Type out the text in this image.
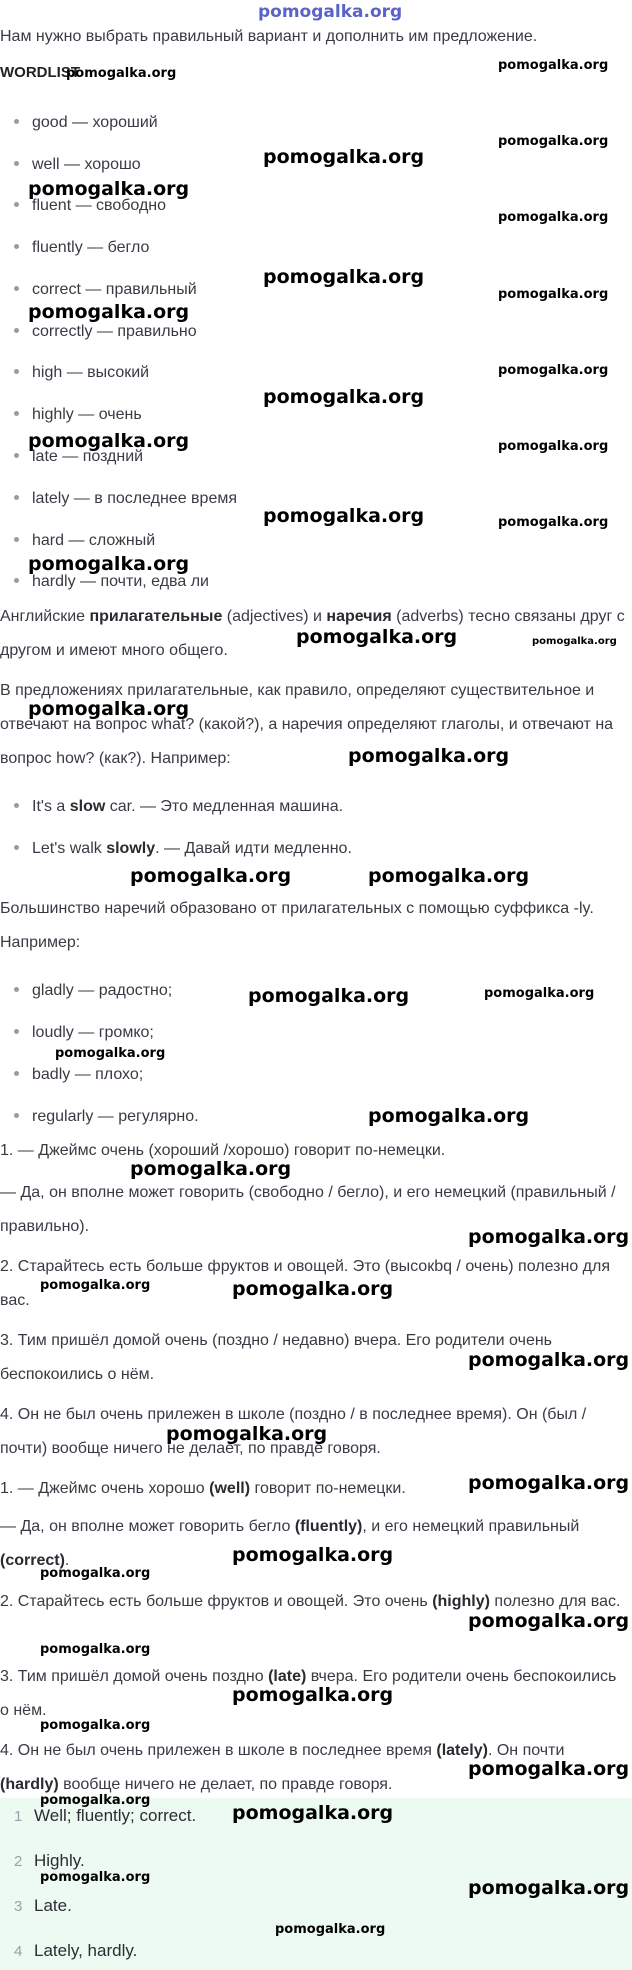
pomogalka.org
Нам нужно выбрать правильный вариант и дополнить им предложение.
WORDLIST
good — хороший
well — хорошо
fluent — свободно
fluently — бегло
correct — правильный
correctly — правильно
high — высокий
highly — очень
late — поздний
lately — в последнее время
hard — сложный
hardly — почти, едва ли
Английские прилагательные (adjectives) и наречия (adverbs) тесно связаны друг с другом и имеют много общего.
В предложениях прилагательные, как правило, определяют существительное и отвечают на вопрос what? (какой?), а наречия определяют глаголы, и отвечают на вопрос how? (как?). Например:
It's a slow car. — Это медленная машина.
Let's walk slowly. — Давай идти медленно.
Большинство наречий образовано от прилагательных с помощью суффикса -ly. Например:
gladly — радостно;
loudly — громко;
badly — плохо;
regularly — регулярно.
1. — Джеймс очень (хороший /хорошо) говорит по-немецки.
— Да, он вполне может говорить (свободно / бегло), и его немецкий (правильный / правильно).
2. Старайтесь есть больше фруктов и овощей. Это (высокbq / очень) полезно для вас.
3. Тим пришёл домой очень (поздно / недавно) вчера. Его родители очень беспокоились о нём.
4. Он не был очень прилежен в школе (поздно / в последнее время). Он (был / почти) вообще ничего не делает, по правде говоря.
1. — Джеймс очень хорошо (well) говорит по-немецки.
— Да, он вполне может говорить бегло (fluently), и его немецкий правильный (correct).
2. Старайтесь есть больше фруктов и овощей. Это очень (highly) полезно для вас.
3. Тим пришёл домой очень поздно (late) вчера. Его родители очень беспокоились о нём.
4. Он не был очень прилежен в школе в последнее время (lately). Он почти (hardly) вообще ничего не делает, по правде говоря.
1 Well; fluently; correct.
2 Highly.
3 Late.
4 Lately, hardly.
pomogalka.org
pomogalka.org
pomogalka.org
pomogalka.org
pomogalka.org
pomogalka.org
pomogalka.org
pomogalka.org
pomogalka.org
pomogalka.org
pomogalka.org
pomogalka.org	pomogalka.org
pomogalka.org	pomogalka.org
pomogalka.org
pomogalka.org	pomogalka.org
pomogalka.org
pomogalka.org
pomogalka.org	pomogalka.org
pomogalka.org	pomogalka.org
pomogalka.org
pomogalka.org
pomogalka.org
pomogalka.org
pomogalka.org	pomogalka.org
pomogalka.org
pomogalka.org
pomogalka.org
pomogalka.org
pomogalka.org
pomogalka.org
pomogalka.org
pomogalka.org
pomogalka.org
pomogalka.org
pomogalka.org
pomogalka.org
pomogalka.org	pomogalka.org
pomogalka.org
